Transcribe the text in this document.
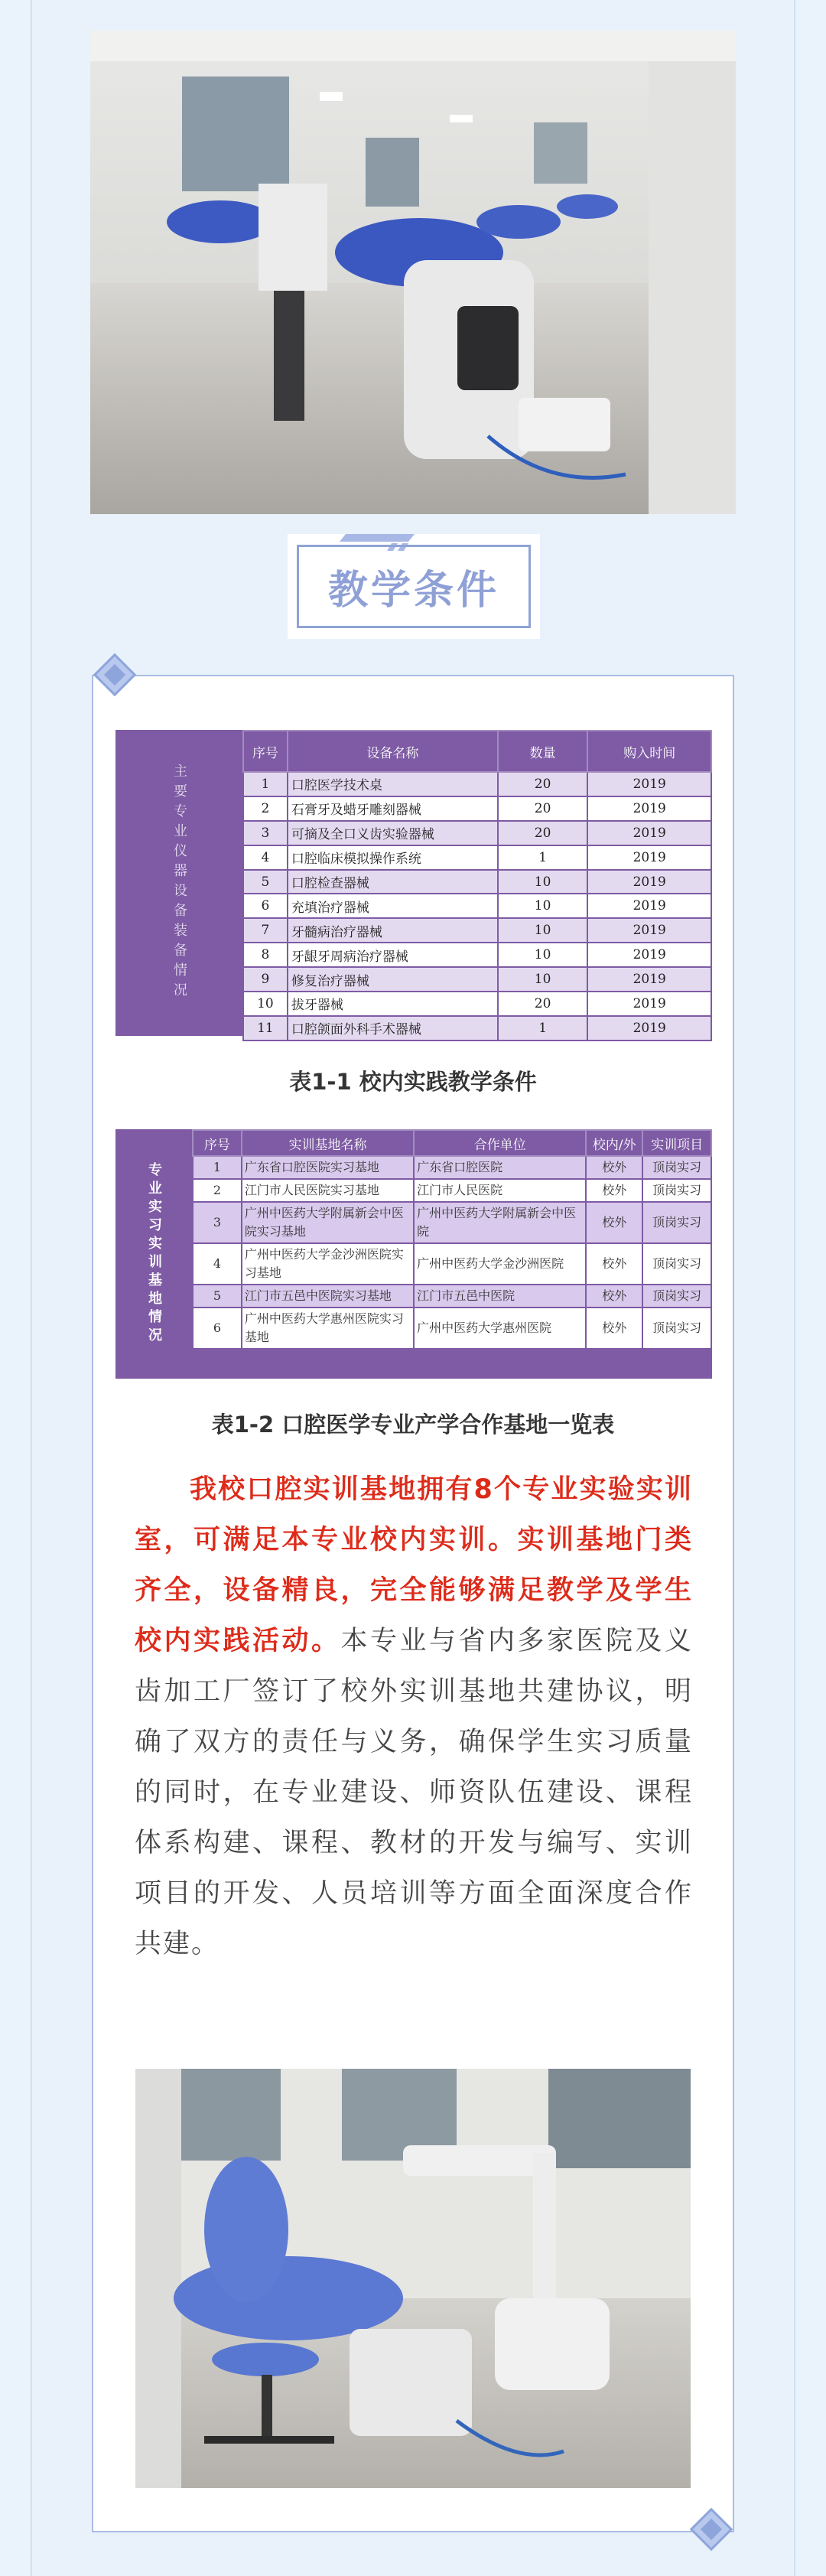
教学条件
主要专业仪器设备装备情况
序号	设备名称	数量	购入时间
1	口腔医学技术桌	20	2019
2	石膏牙及蜡牙雕刻器械	20	2019
3	可摘及全口义齿实验器械	20	2019
4	口腔临床模拟操作系统	1	2019
5	口腔检查器械	10	2019
6	充填治疗器械	10	2019
7	牙髓病治疗器械	10	2019
8	牙龈牙周病治疗器械	10	2019
9	修复治疗器械	10	2019
10	拔牙器械	20	2019
11	口腔颌面外科手术器械	1	2019
表1-1 校内实践教学条件
专业实习实训基地情况
序号	实训基地名称	合作单位	校内/外	实训项目
1	广东省口腔医院实习基地	广东省口腔医院	校外	顶岗实习
2	江门市人民医院实习基地	江门市人民医院	校外	顶岗实习
3	广州中医药大学附属新会中医院实习基地	广州中医药大学附属新会中医院	校外	顶岗实习
4	广州中医药大学金沙洲医院实习基地	广州中医药大学金沙洲医院	校外	顶岗实习
5	江门市五邑中医院实习基地	江门市五邑中医院	校外	顶岗实习
6	广州中医药大学惠州医院实习基地	广州中医药大学惠州医院	校外	顶岗实习
表1-2 口腔医学专业产学合作基地一览表
我校口腔实训基地拥有8个专业实验实训室，可满足本专业校内实训。实训基地门类齐全，设备精良，完全能够满足教学及学生校内实践活动。本专业与省内多家医院及义齿加工厂签订了校外实训基地共建协议，明确了双方的责任与义务，确保学生实习质量的同时，在专业建设、师资队伍建设、课程体系构建、课程、教材的开发与编写、实训项目的开发、人员培训等方面全面深度合作共建。
